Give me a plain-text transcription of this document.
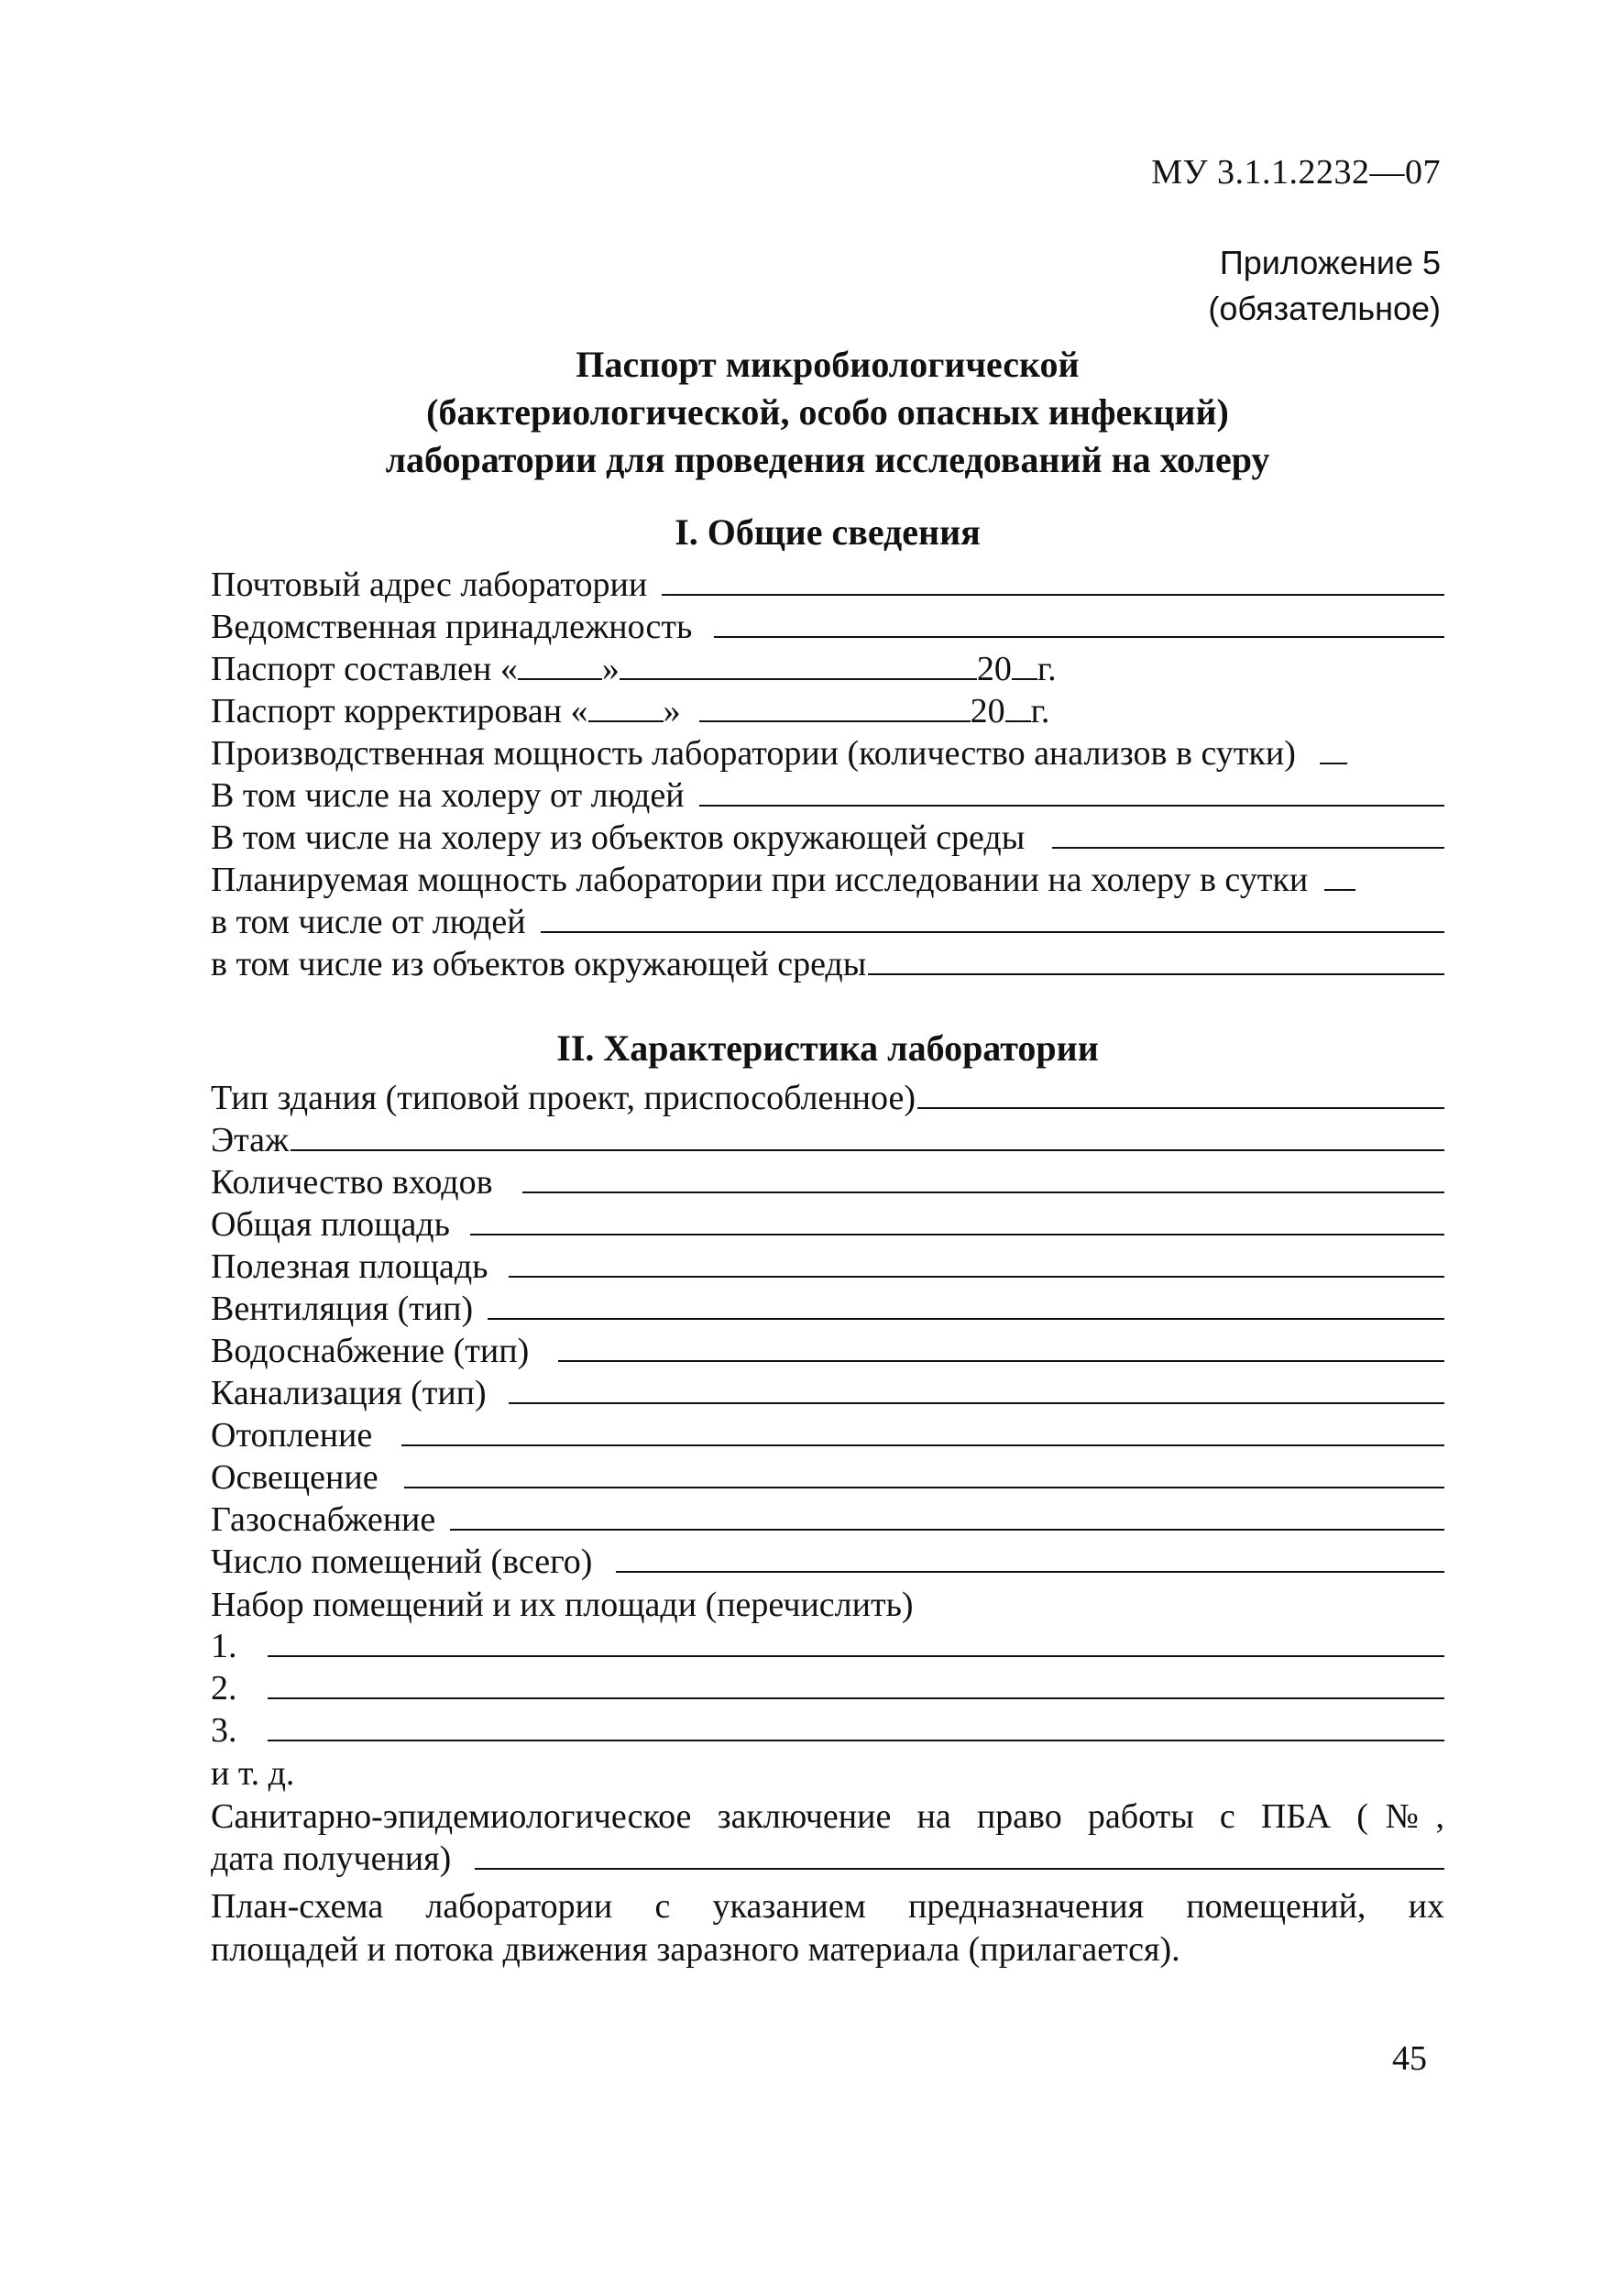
МУ 3.1.1.2232—07
Приложение 5
(обязательное)
Паспорт микробиологической
(бактериологической, особо опасных инфекций)
лаборатории для проведения исследований на холеру
I. Общие сведения
Почтовый адрес лаборатории
Ведомственная принадлежность
Паспорт составлен « »	20 г.
Паспорт корректирован « »	20 г.
Производственная мощность лаборатории (количество анализов в сутки)
В том числе на холеру от людей
В том числе на холеру из объектов окружающей среды
Планируемая мощность лаборатории при исследовании на холеру в сутки
в том числе от людей
в том числе из объектов окружающей среды
II. Характеристика лаборатории
Тип здания (типовой проект, приспособленное)
Этаж
Количество входов
Общая площадь
Полезная площадь
Вентиляция (тип)
Водоснабжение (тип)
Канализация (тип)
Отопление
Освещение
Газоснабжение
Число помещений (всего)
Набор помещений и их площади (перечислить)
1.
2.
3.
и т. д.
Санитарно-эпидемиологическое заключение на право работы с ПБА (№,
дата получения)
План-схема лаборатории с указанием предназначения помещений, их
площадей и потока движения заразного материала (прилагается).
45
